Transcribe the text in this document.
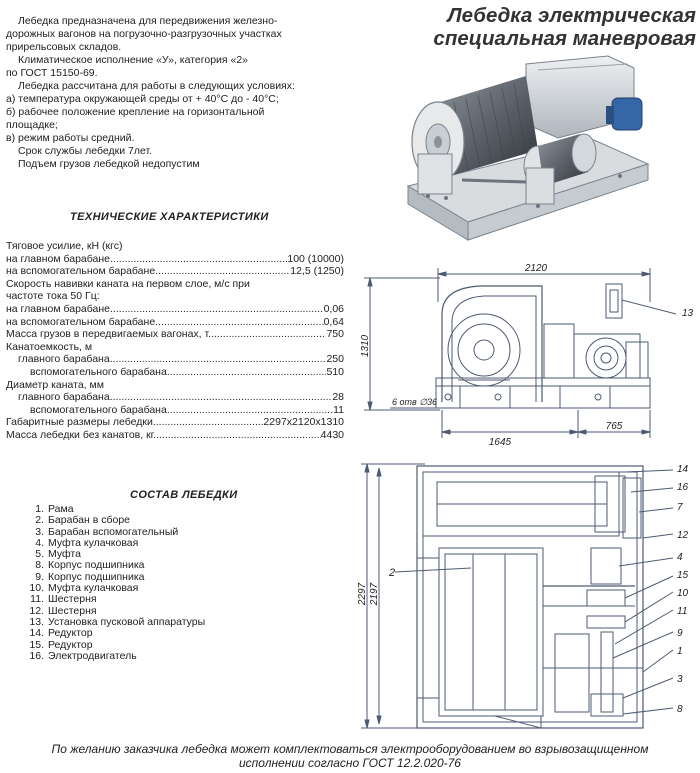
Лебедка электрическая
специальная маневровая
Лебедка предназначена для передвижения железно-
дорожных вагонов на погрузочно-разгрузочных участках
прирельсовых складов.
Климатическое исполнение «У», категория «2»
по ГОСТ 15150-69.
Лебедка рассчитана для работы в следующих условиях:
а) температура окружающей среды от + 40°С до - 40°С;
б) рабочее положение крепление на горизонтальной
площадке;
в) режим работы средний.
Срок службы лебедки 7лет.
Подъем грузов лебедкой недопустим
ТЕХНИЧЕСКИЕ ХАРАКТЕРИСТИКИ
Тяговое усилие, кН (кгс)
на главном барабане .....	100 (10000)
на вспомогательном барабане .....	12,5 (1250)
Скорость навивки каната на первом слое, м/с при
частоте тока 50 Гц:
на главном барабане .....	0,06
на вспомогательном барабане .....	0,64
Масса грузов в передвигаемых вагонах, т. .....	750
Канатоемкость, м
главного барабана .....	250
вспомогательного барабана .....	510
Диаметр каната, мм
главного барабана .....	28
вспомогательного барабана .....	11
Габаритные размеры лебедки .....	2297x2120x1310
Масса лебедки без канатов, кг. .....	4430
СОСТАВ ЛЕБЕДКИ
1. Рама
2. Барабан в сборе
3. Барабан вспомогательный
4. Муфта кулачковая
5. Муфта
8. Корпус подшипника
9. Корпус подшипника
10. Муфта кулачковая
11. Шестерня
12. Шестерня
13. Установка пусковой аппаратуры
14. Редуктор
15. Редуктор
16. Электродвигатель
2120
1310
6 отв ∅36
1645
765
13
2297 2197
2
14
16
7
12
4
15
10
11
9
1
3
8
По желанию заказчика лебедка может комплектоваться электрооборудованием во взрывозащищенном
исполнении согласно ГОСТ 12.2.020-76
